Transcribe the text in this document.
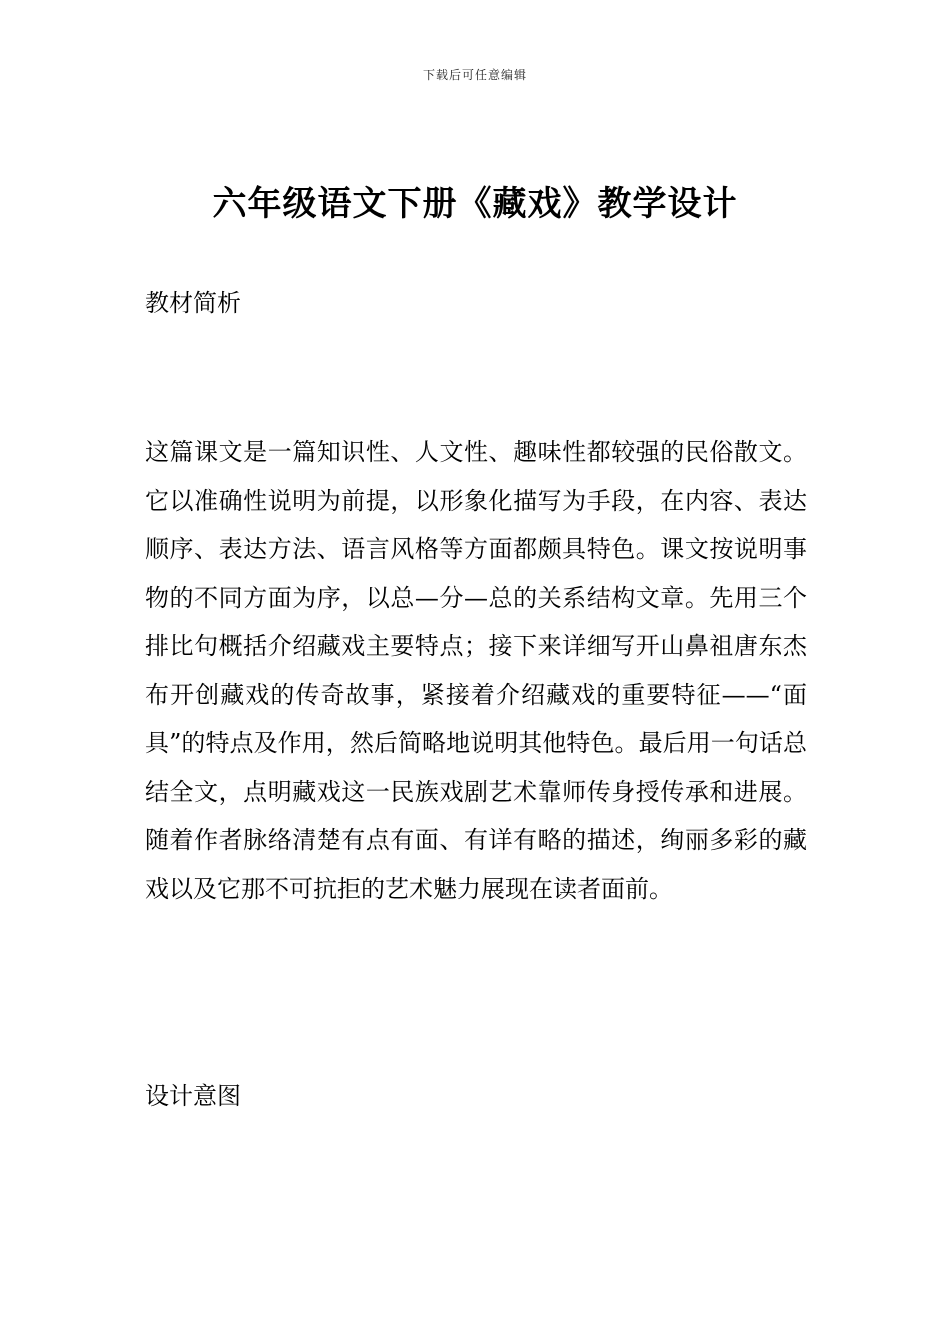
下载后可任意编辑
六年级语文下册《藏戏》教学设计
教材简析

这篇课文是一篇知识性、人文性、趣味性都较强的民俗散文。它以准确性说明为前提，以形象化描写为手段，在内容、表达顺序、表达方法、语言风格等方面都颇具特色。课文按说明事物的不同方面为序，以总—分—总的关系结构文章。先用三个排比句概括介绍藏戏主要特点；接下来详细写开山鼻祖唐东杰布开创藏戏的传奇故事，紧接着介绍藏戏的重要特征——“面具”的特点及作用，然后简略地说明其他特色。最后用一句话总结全文，点明藏戏这一民族戏剧艺术靠师传身授传承和进展。随着作者脉络清楚有点有面、有详有略的描述，绚丽多彩的藏戏以及它那不可抗拒的艺术魅力展现在读者面前。

设计意图
